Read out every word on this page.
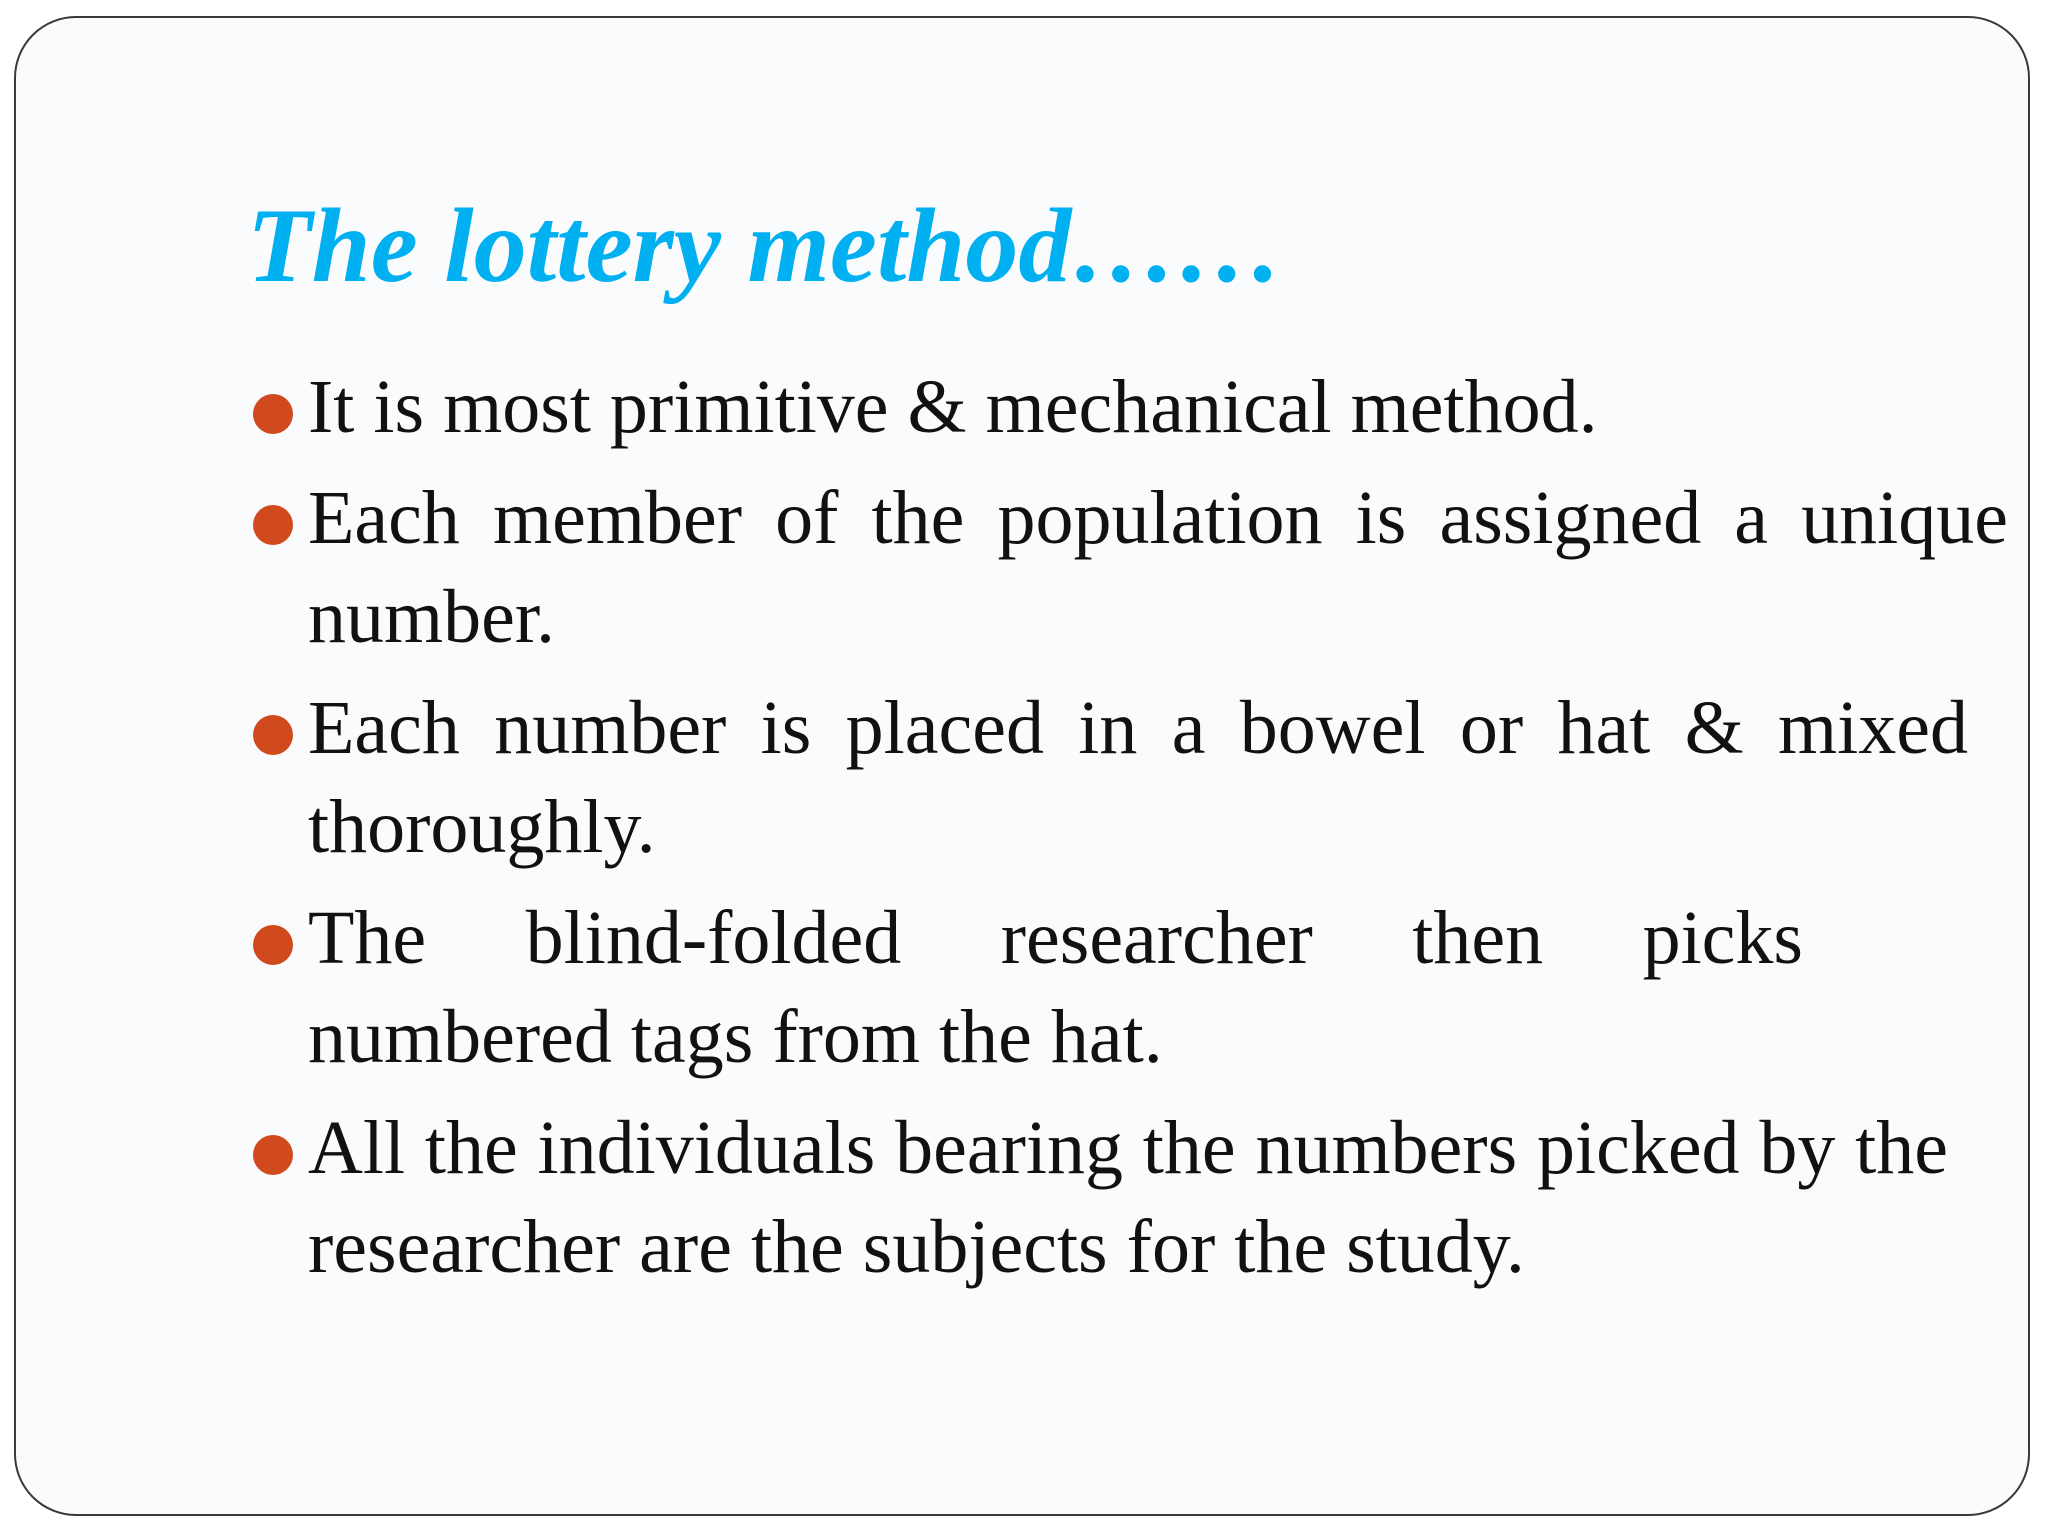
The lottery method……
It is most primitive & mechanical method.
Each member of the population is assigned a unique number.
Each number is placed in a bowel or hat & mixed thoroughly.
The blind-folded researcher then picks numbered tags from the hat.
All the individuals bearing the numbers picked by the researcher are the subjects for the study.
